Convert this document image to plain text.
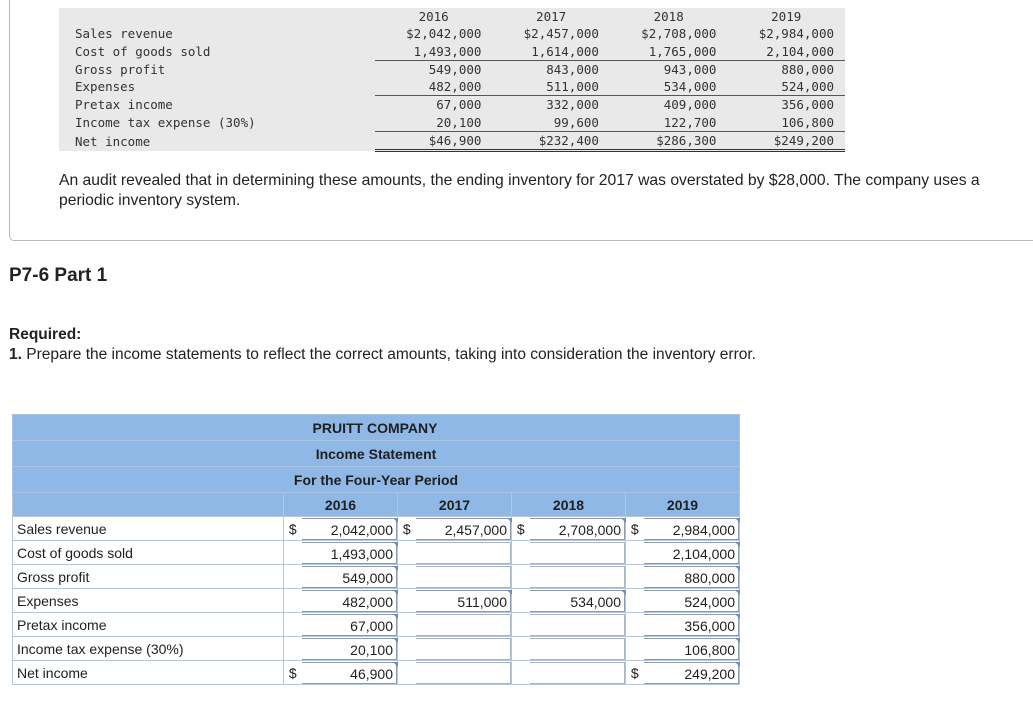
	2016	2017	2018	2019
Sales revenue	$2,042,000	$2,457,000	$2,708,000	$2,984,000
Cost of goods sold	1,493,000	1,614,000	1,765,000	2,104,000
Gross profit	549,000	843,000	943,000	880,000
Expenses	482,000	511,000	534,000	524,000
Pretax income	67,000	332,000	409,000	356,000
Income tax expense (30%)	20,100	99,600	122,700	106,800
Net income	$46,900	$232,400	$286,300	$249,200
An audit revealed that in determining these amounts, the ending inventory for 2017 was overstated by $28,000. The company uses a periodic inventory system.
P7-6 Part 1
Required:
1. Prepare the income statements to reflect the correct amounts, taking into consideration the inventory error.
PRUITT COMPANY								
Income Statement								
For the Four-Year Period								
	2016		2017		2018		2019	
Sales revenue	$	2,042,000	$	2,457,000	$	2,708,000	$	2,984,000

Cost of goods sold		1,493,000						2,104,000

Gross profit		549,000						880,000

Expenses		482,000		511,000		534,000		524,000

Pretax income		67,000						356,000

Income tax expense (30%)		20,100						106,800

Net income	$	46,900					$	249,200
